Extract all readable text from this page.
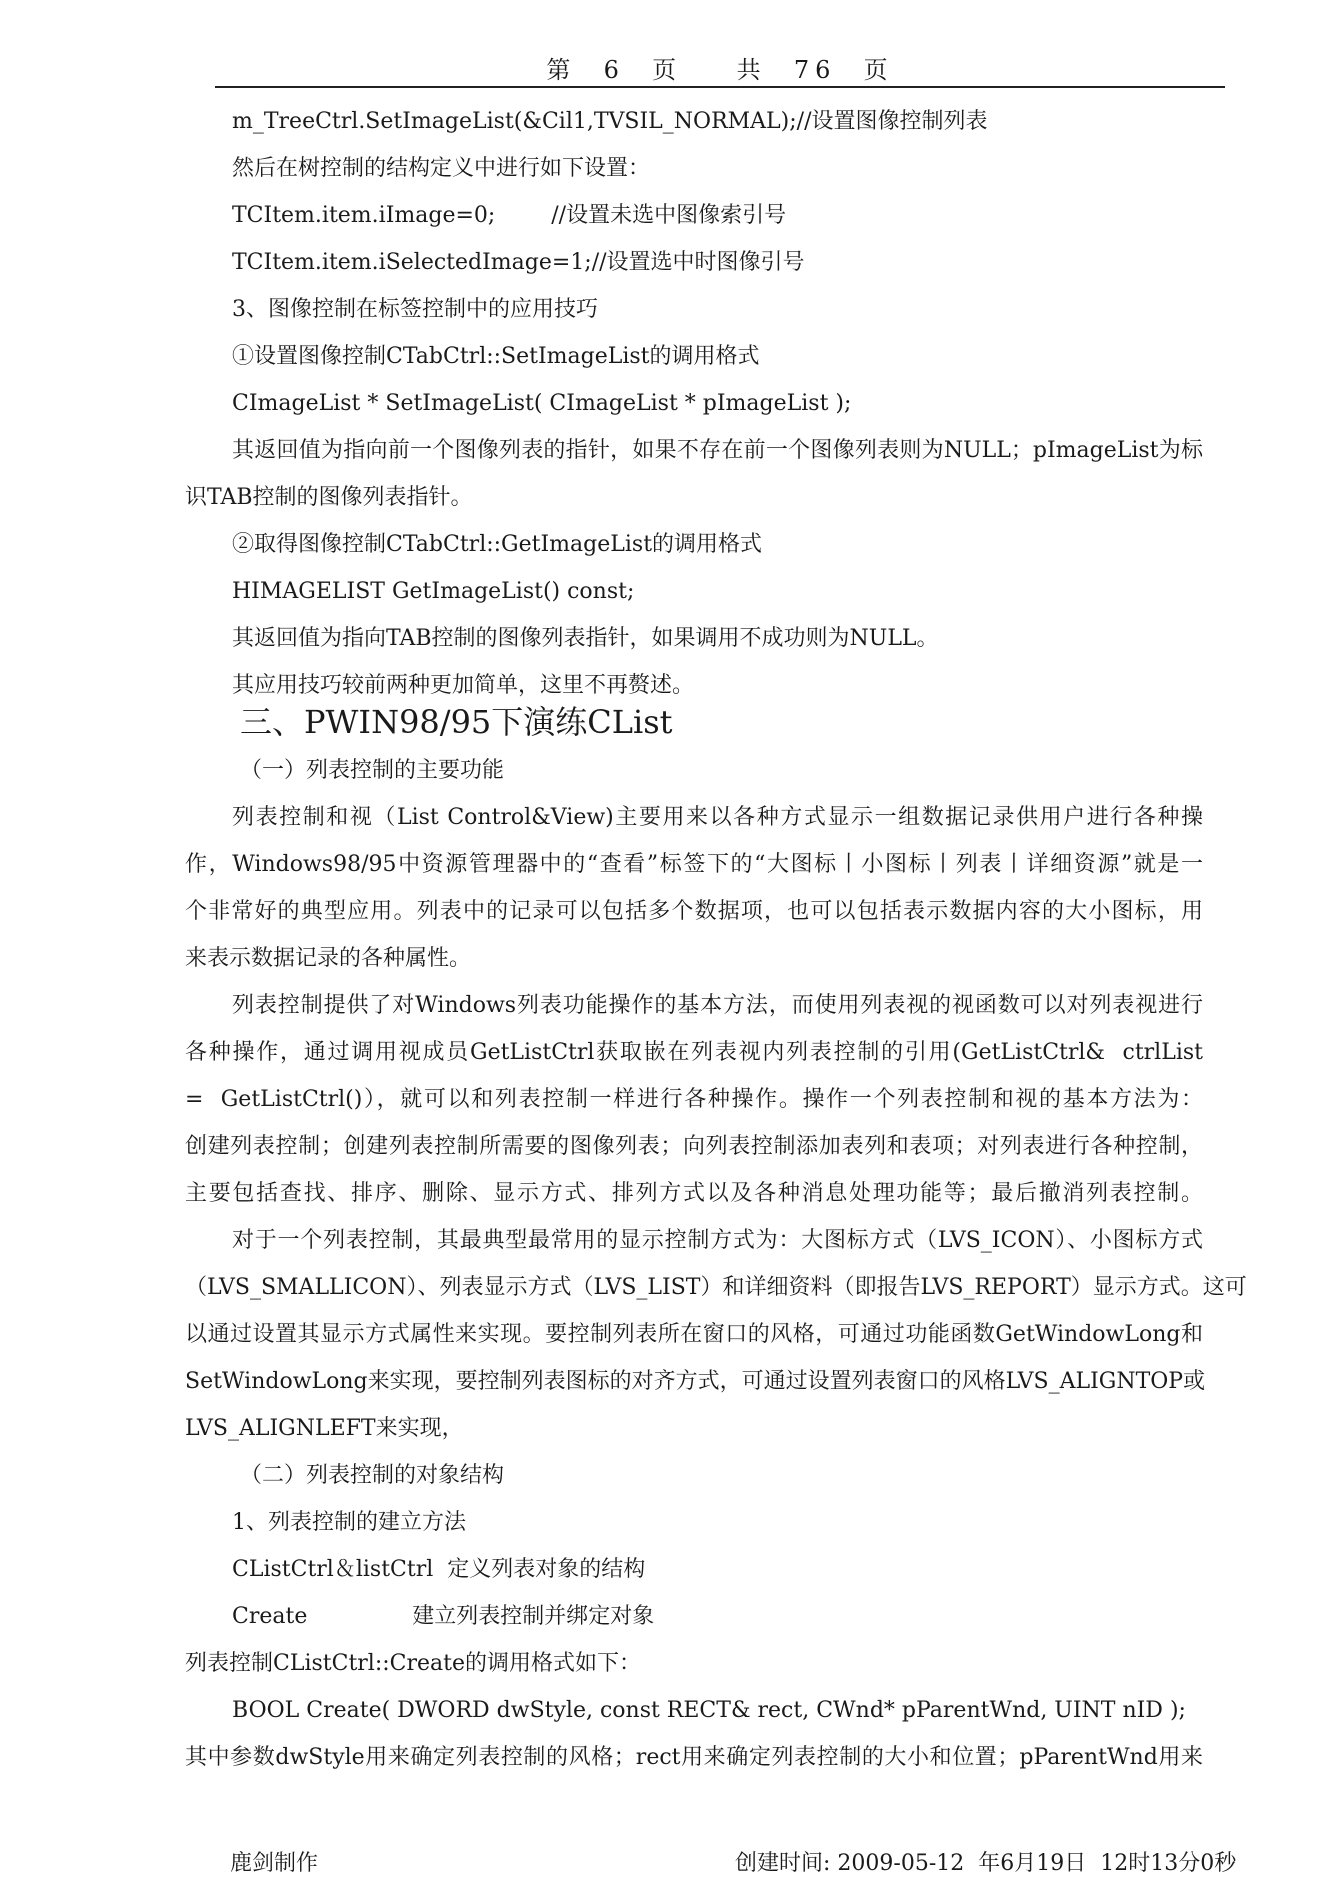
第  6  页    共  76  页
m_TreeCtrl.SetImageList(&Cil1,TVSIL_NORMAL);//设置图像控制列表
然后在树控制的结构定义中进行如下设置：
TCItem.item.iImage=0;        //设置未选中图像索引号
TCItem.item.iSelectedImage=1;//设置选中时图像引号
3、图像控制在标签控制中的应用技巧
①设置图像控制CTabCtrl::SetImageList的调用格式
CImageList * SetImageList( CImageList * pImageList );
其返回值为指向前一个图像列表的指针，如果不存在前一个图像列表则为NULL；pImageList为标
识TAB控制的图像列表指针。
②取得图像控制CTabCtrl::GetImageList的调用格式
HIMAGELIST GetImageList() const;
其返回值为指向TAB控制的图像列表指针，如果调用不成功则为NULL。
其应用技巧较前两种更加简单，这里不再赘述。
三、PWIN98/95下演练CList
（一）列表控制的主要功能
列表控制和视（List Control&View)主要用来以各种方式显示一组数据记录供用户进行各种操
作，Windows98/95中资源管理器中的“查看”标签下的“大图标丨小图标丨列表丨详细资源”就是一
个非常好的典型应用。列表中的记录可以包括多个数据项，也可以包括表示数据内容的大小图标，用
来表示数据记录的各种属性。
列表控制提供了对Windows列表功能操作的基本方法，而使用列表视的视函数可以对列表视进行
各种操作，通过调用视成员GetListCtrl获取嵌在列表视内列表控制的引用(GetListCtrl&  ctrlList
=  GetListCtrl()），就可以和列表控制一样进行各种操作。操作一个列表控制和视的基本方法为：
创建列表控制；创建列表控制所需要的图像列表；向列表控制添加表列和表项；对列表进行各种控制，
主要包括查找、排序、删除、显示方式、排列方式以及各种消息处理功能等；最后撤消列表控制。
对于一个列表控制，其最典型最常用的显示控制方式为：大图标方式（LVS_ICON）、小图标方式
（LVS_SMALLICON）、列表显示方式（LVS_LIST）和详细资料（即报告LVS_REPORT）显示方式。这可
以通过设置其显示方式属性来实现。要控制列表所在窗口的风格，可通过功能函数GetWindowLong和
SetWindowLong来实现，要控制列表图标的对齐方式，可通过设置列表窗口的风格LVS_ALIGNTOP或
LVS_ALIGNLEFT来实现，
（二）列表控制的对象结构
1、列表控制的建立方法
CListCtrl＆listCtrl  定义列表对象的结构
Create               建立列表控制并绑定对象
列表控制CListCtrl::Create的调用格式如下：
BOOL Create( DWORD dwStyle, const RECT& rect, CWnd* pParentWnd, UINT nID );
其中参数dwStyle用来确定列表控制的风格；rect用来确定列表控制的大小和位置；pParentWnd用来
鹿剑制作	创建时间: 2009-05-12  年6月19日  12时13分0秒
